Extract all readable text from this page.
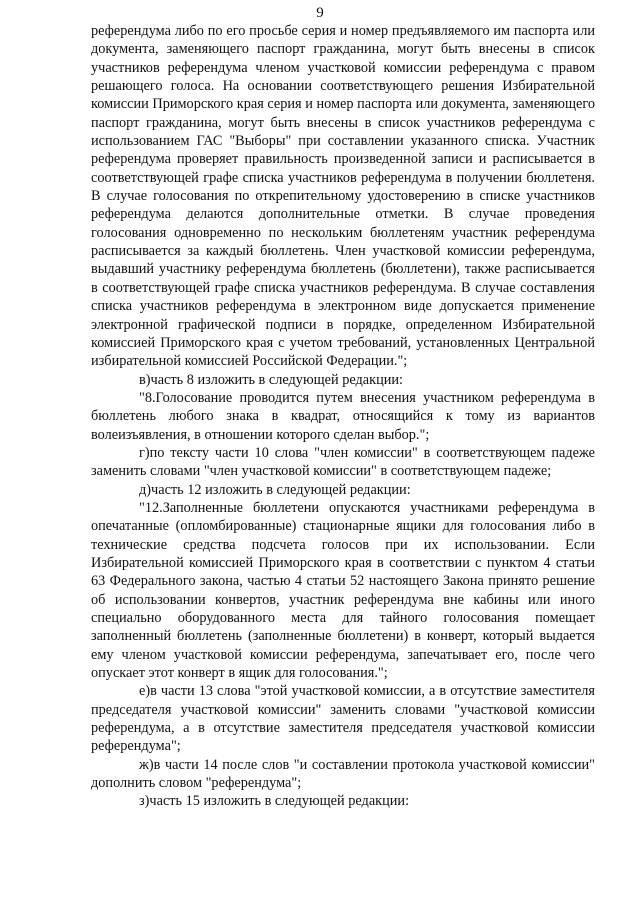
9

референдума либо по его просьбе серия и номер предъявляемого им паспорта или документа, заменяющего паспорт гражданина, могут быть внесены в список участников референдума членом участковой комиссии референдума с правом решающего голоса. На основании соответствующего решения Избирательной комиссии Приморского края серия и номер паспорта или документа, заменяющего паспорт гражданина, могут быть внесены в список участников референдума с использованием ГАС "Выборы" при составлении указанного списка. Участник референдума проверяет правильность произведенной записи и расписывается в соответствующей графе списка участников референдума в получении бюллетеня. В случае голосования по открепительному удостоверению в списке участников референдума делаются дополнительные отметки. В случае проведения голосования одновременно по нескольким бюллетеням участник референдума расписывается за каждый бюллетень. Член участковой комиссии референдума, выдавший участнику референдума бюллетень (бюллетени), также расписывается в соответствующей графе списка участников референдума. В случае составления списка участников референдума в электронном виде допускается применение электронной графической подписи в порядке, определенном Избирательной комиссией Приморского края с учетом требований, установленных Центральной избирательной комиссией Российской Федерации.";

в)часть 8 изложить в следующей редакции:

"8.Голосование проводится путем внесения участником референдума в бюллетень любого знака в квадрат, относящийся к тому из вариантов волеизъявления, в отношении которого сделан выбор.";

г)по тексту части 10 слова "член комиссии" в соответствующем падеже заменить словами "член участковой комиссии" в соответствующем падеже;

д)часть 12 изложить в следующей редакции:

"12.Заполненные бюллетени опускаются участниками референдума в опечатанные (опломбированные) стационарные ящики для голосования либо в технические средства подсчета голосов при их использовании. Если Избирательной комиссией Приморского края в соответствии с пунктом 4 статьи 63 Федерального закона, частью 4 статьи 52 настоящего Закона принято решение об использовании конвертов, участник референдума вне кабины или иного специально оборудованного места для тайного голосования помещает заполненный бюллетень (заполненные бюллетени) в конверт, который выдается ему членом участковой комиссии референдума, запечатывает его, после чего опускает этот конверт в ящик для голосования.";

е)в части 13 слова "этой участковой комиссии, а в отсутствие заместителя председателя участковой комиссии" заменить словами "участковой комиссии референдума, а в отсутствие заместителя председателя участковой комиссии референдума";

ж)в части 14 после слов "и составлении протокола участковой комиссии" дополнить словом "референдума";

з)часть 15 изложить в следующей редакции:
